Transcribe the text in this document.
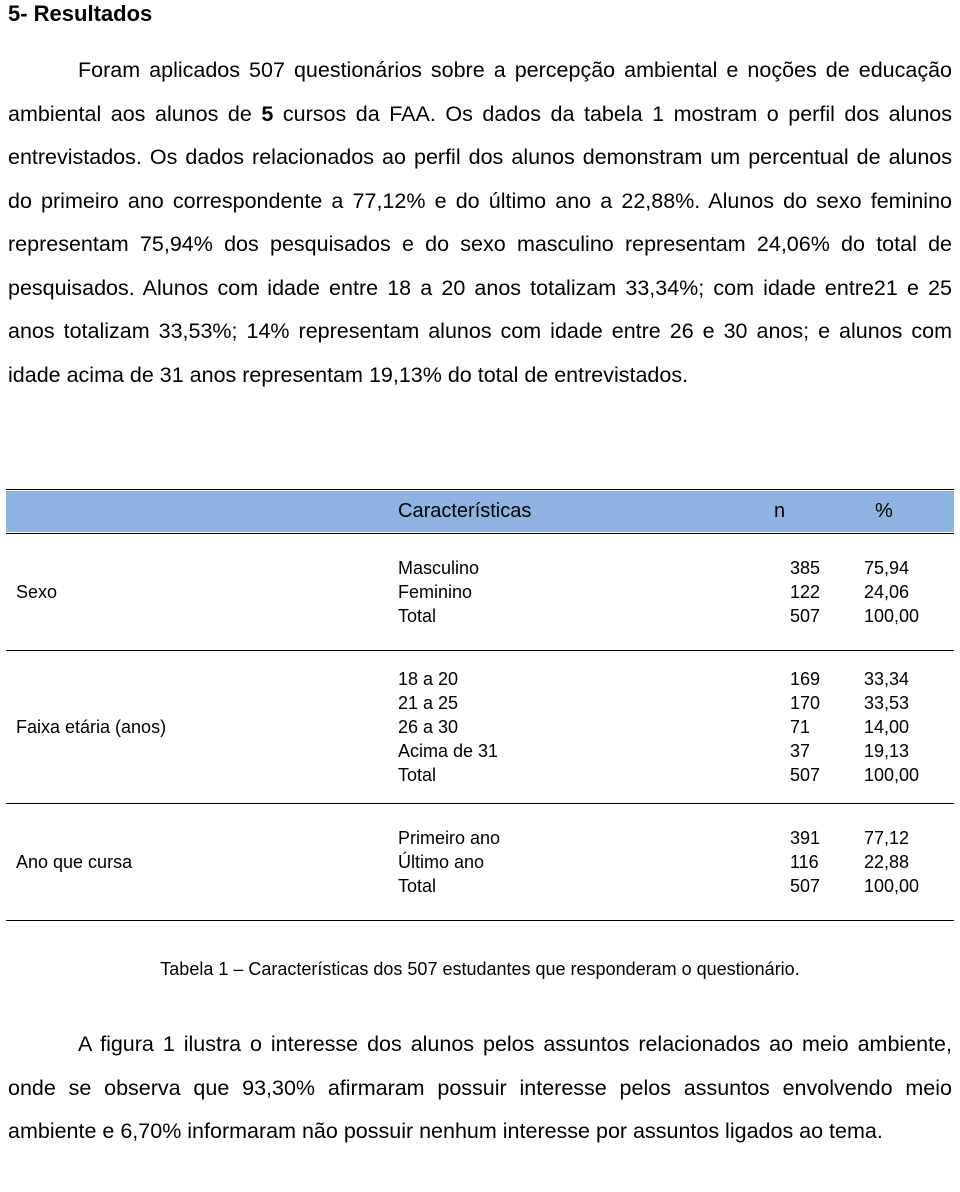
5- Resultados

Foram aplicados 507 questionários sobre a percepção ambiental e noções de educação ambiental aos alunos de 5 cursos da FAA. Os dados da tabela 1 mostram o perfil dos alunos entrevistados. Os dados relacionados ao perfil dos alunos demonstram um percentual de alunos do primeiro ano correspondente a 77,12% e do último ano a 22,88%. Alunos do sexo feminino representam 75,94% dos pesquisados e do sexo masculino representam 24,06% do total de pesquisados. Alunos com idade entre 18 a 20 anos totalizam 33,34%; com idade entre21 e 25 anos totalizam 33,53%; 14% representam alunos com idade entre 26 e 30 anos; e alunos com idade acima de 31 anos representam 19,13% do total de entrevistados.

Características	n	%
Sexo
Masculino	385 75,94
Feminino	122 24,06
Total	507 100,00
Faixa etária (anos)
18 a 20	169 33,34
21 a 25	170 33,53
26 a 30	71	14,00
Acima de 31	37	19,13
Total	507 100,00
Ano que cursa
Primeiro ano	391 77,12
Último ano	116	22,88
Total	507 100,00
Tabela 1 – Características dos 507 estudantes que responderam o questionário.

A figura 1 ilustra o interesse dos alunos pelos assuntos relacionados ao meio ambiente, onde se observa que 93,30% afirmaram possuir interesse pelos assuntos envolvendo meio ambiente e 6,70% informaram não possuir nenhum interesse por assuntos ligados ao tema.
